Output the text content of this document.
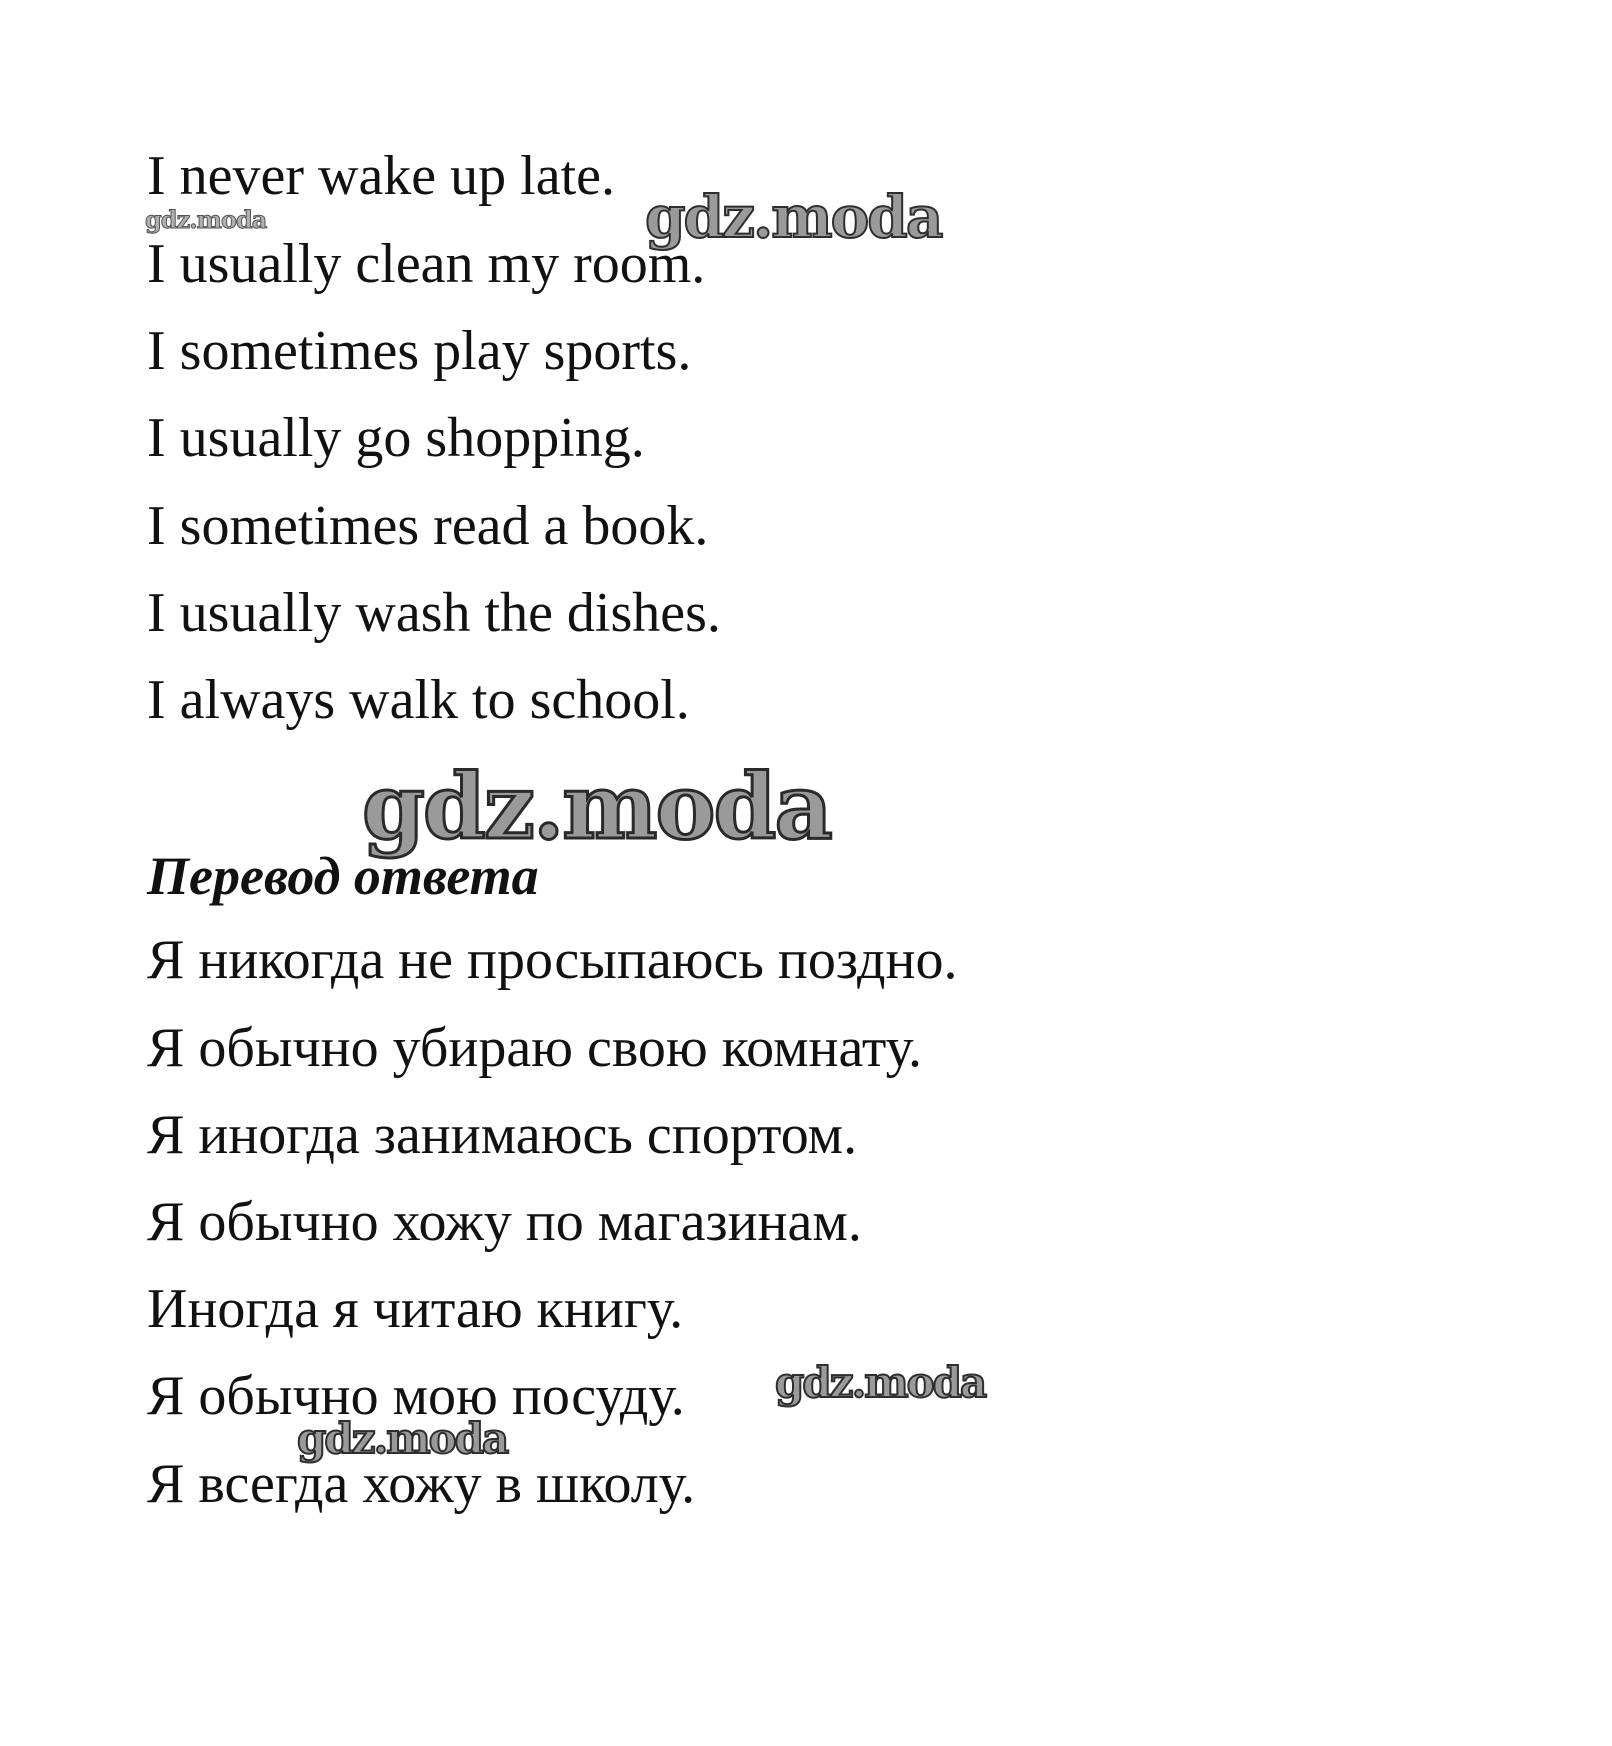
I never wake up late.
I usually clean my room.
I sometimes play sports.
I usually go shopping.
I sometimes read a book.
I usually wash the dishes.
I always walk to school.
Перевод ответа
Я никогда не просыпаюсь поздно.
Я обычно убираю свою комнату.
Я иногда занимаюсь спортом.
Я обычно хожу по магазинам.
Иногда я читаю книгу.
Я обычно мою посуду.
Я всегда хожу в школу.
gdz.moda	gdz.moda
gdz.moda
gdz.moda
gdz.moda
